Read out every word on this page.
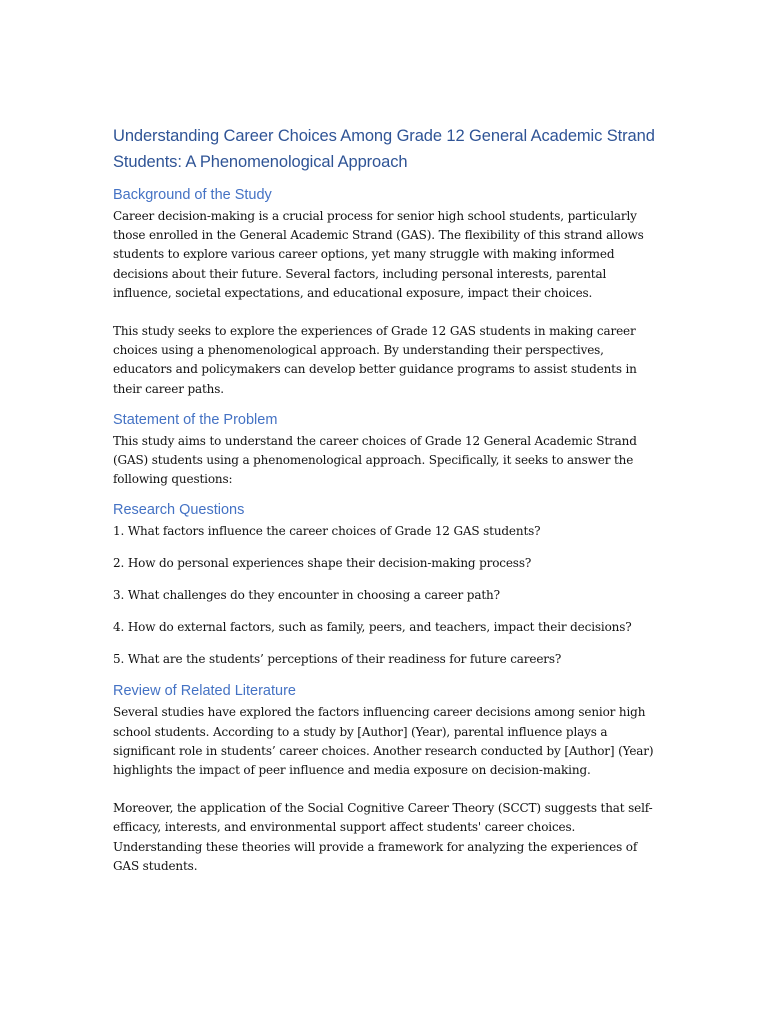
Understanding Career Choices Among Grade 12 General Academic Strand Students: A Phenomenological Approach
Background of the Study

Career decision-making is a crucial process for senior high school students, particularly those enrolled in the General Academic Strand (GAS). The flexibility of this strand allows students to explore various career options, yet many struggle with making informed decisions about their future. Several factors, including personal interests, parental influence, societal expectations, and educational exposure, impact their choices.

This study seeks to explore the experiences of Grade 12 GAS students in making career choices using a phenomenological approach. By understanding their perspectives, educators and policymakers can develop better guidance programs to assist students in their career paths.

Statement of the Problem

This study aims to understand the career choices of Grade 12 General Academic Strand (GAS) students using a phenomenological approach. Specifically, it seeks to answer the following questions:

Research Questions

1. What factors influence the career choices of Grade 12 GAS students?

2. How do personal experiences shape their decision-making process?

3. What challenges do they encounter in choosing a career path?

4. How do external factors, such as family, peers, and teachers, impact their decisions?

5. What are the students’ perceptions of their readiness for future careers?

Review of Related Literature

Several studies have explored the factors influencing career decisions among senior high school students. According to a study by [Author] (Year), parental influence plays a significant role in students’ career choices. Another research conducted by [Author] (Year) highlights the impact of peer influence and media exposure on decision-making.

Moreover, the application of the Social Cognitive Career Theory (SCCT) suggests that self-efficacy, interests, and environmental support affect students' career choices. Understanding these theories will provide a framework for analyzing the experiences of GAS students.
